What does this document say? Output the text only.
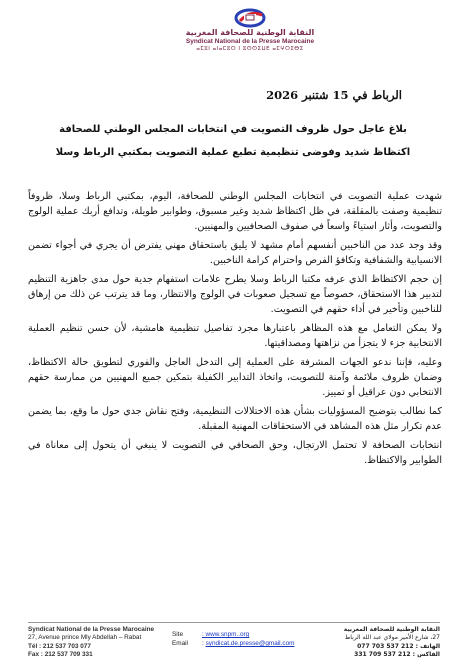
النقابة الوطنية للصحافة المغربية
Syndicat National de la Presse Marocaine
ⴰⵎⵓⵏ ⴰⵏⴰⵎⵓⵔ ⵏ ⵓⵙⵙⵉⵡⴹ ⴰⵎⵖⵔⵉⴱⵉ
الرباط في 15 شتنبر 2026
بلاغ عاجل حول ظروف التصويت في انتخابات المجلس الوطني للصحافة
اكتظاظ شديد وفوضى تنظيمية تطبع عملية التصويت بمكتبي الرباط وسلا

شهدت عملية التصويت في انتخابات المجلس الوطني للصحافة، اليوم، بمكتبي الرباط وسلا، ظروفاً تنظيمية وصفت بالمقلقة، في ظل اكتظاظ شديد وغير مسبوق، وطوابير طويلة، وتدافع أربك عملية الولوج والتصويت، وأثار استياءً واسعاً في صفوف الصحافيين والمهنيين.

وقد وجد عدد من الناخبين أنفسهم أمام مشهد لا يليق باستحقاق مهني يفترض أن يجري في أجواء تضمن الانسيابية والشفافية وتكافؤ الفرص واحترام كرامة الناخبين.

إن حجم الاكتظاظ الذي عرفه مكتبا الرباط وسلا يطرح علامات استفهام جدية حول مدى جاهزية التنظيم لتدبير هذا الاستحقاق، خصوصاً مع تسجيل صعوبات في الولوج والانتظار، وما قد يترتب عن ذلك من إرهاق للناخبين وتأخير في أداء حقهم في التصويت.

ولا يمكن التعامل مع هذه المظاهر باعتبارها مجرد تفاصيل تنظيمية هامشية، لأن حسن تنظيم العملية الانتخابية جزء لا يتجزأ من نزاهتها ومصداقيتها.

وعليه، فإننا ندعو الجهات المشرفة على العملية إلى التدخل العاجل والفوري لتطويق حالة الاكتظاظ، وضمان ظروف ملائمة وآمنة للتصويت، واتخاذ التدابير الكفيلة بتمكين جميع المهنيين من ممارسة حقهم الانتخابي دون عراقيل أو تمييز.

كما نطالب بتوضيح المسؤوليات بشأن هذه الاختلالات التنظيمية، وفتح نقاش جدي حول ما وقع، بما يضمن عدم تكرار مثل هذه المشاهد في الاستحقاقات المهنية المقبلة.

انتخابات الصحافة لا تحتمل الارتجال، وحق الصحافي في التصويت لا ينبغي أن يتحول إلى معاناة في الطوابير والاكتظاظ.

Syndicat National de la Presse Marocaine
27, Avenue prince Mly Abdellah – Rabat
Tél : 212 537 703 077
Fax : 212 537 709 331
Site	: www.snpm..org
Email : syndicat.de.presse@gmail.com
النقابة الوطنية للصحافة المغربية
27، شارع الأمير مولاي عبد الله الرباط
الهاتف : 212 537 703 077
الفاكس : 212 537 709 331
